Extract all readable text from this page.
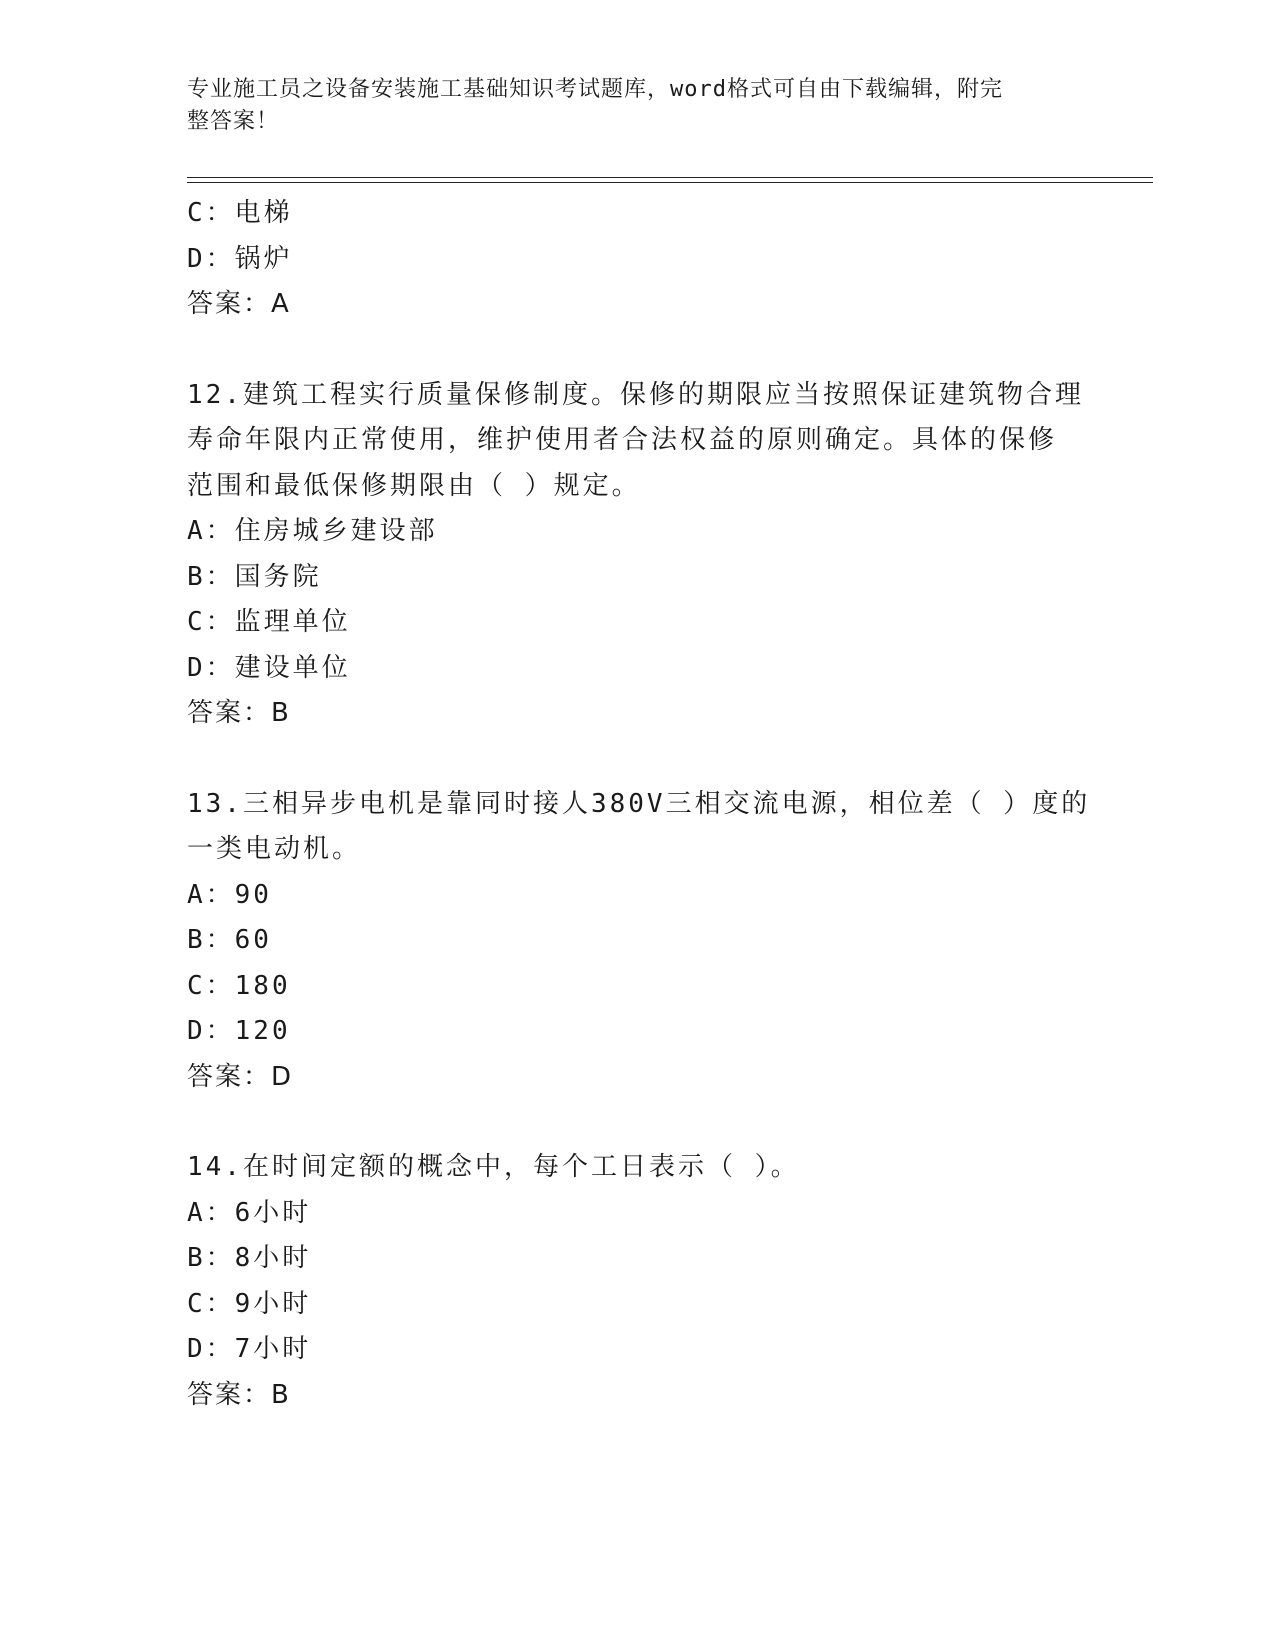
专业施工员之设备安装施工基础知识考试题库，word格式可自由下载编辑，附完
整答案！
C：电梯
D：锅炉
答案：A
12.建筑工程实行质量保修制度。保修的期限应当按照保证建筑物合理
寿命年限内正常使用，维护使用者合法权益的原则确定。具体的保修
范围和最低保修期限由（ ）规定。
A：住房城乡建设部
B：国务院
C：监理单位
D：建设单位
答案：B
13.三相异步电机是靠同时接人380V三相交流电源，相位差（ ）度的
一类电动机。
A：90
B：60
C：180
D：120
答案：D
14.在时间定额的概念中，每个工日表示（ ）。
A：6小时
B：8小时
C：9小时
D：7小时
答案：B
